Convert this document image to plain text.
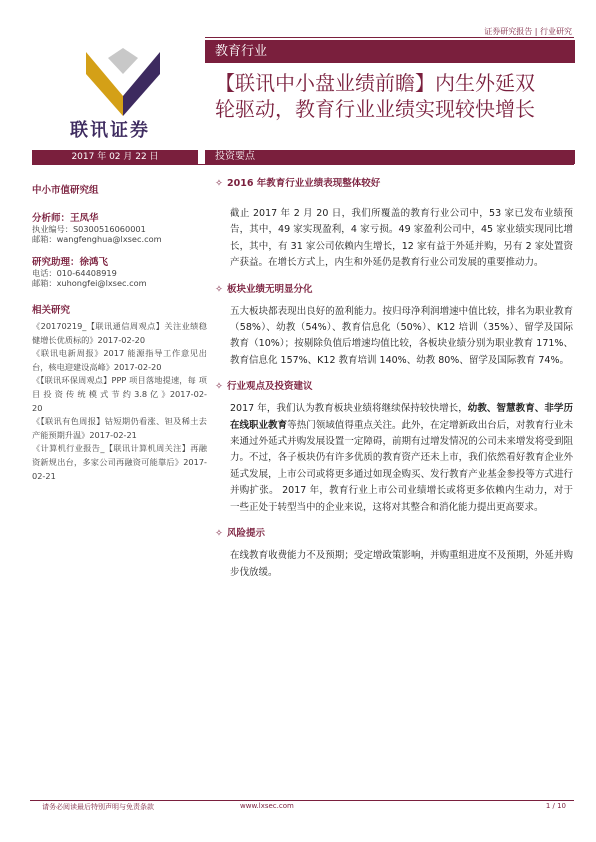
证券研究报告 | 行业研究
教育行业
【联讯中小盘业绩前瞻】内生外延双
轮驱动，教育行业业绩实现较快增长
联讯证券
2017 年 02 月 22 日	投资要点
中小市值研究组
分析师：王凤华
执业编号：S0300516060001
邮箱：wangfenghua@lxsec.com
研究助理：徐鸿飞
电话：010-64408919
邮箱：xuhongfei@lxsec.com
相关研究
《20170219_【联讯通信周观点】关注业绩稳健增长优质标的》2017-02-20
《联讯电新周报》2017 能源指导工作意见出台，核电迎建设高峰》2017-02-20
《【联讯环保周观点】PPP 项目落地提速，每 项 目 投 资 传 统 模 式 节 约 3.8 亿 》2017-02-20
《【联讯有色周报】钴短期仍看涨、钽及稀土去产能预期升温》2017-02-21
《计算机行业报告_【联讯计算机周关注】再融资新规出台，多家公司再融资可能靠后》2017-02-21
✧ 2016 年教育行业业绩表现整体较好
截止 2017 年 2 月 20 日，我们所覆盖的教育行业公司中，53 家已发布业绩预告，其中，49 家实现盈利，4 家亏损。49 家盈利公司中，45 家业绩实现同比增长，其中，有 31 家公司依赖内生增长，12 家有益于外延并购，另有 2 家处置资产获益。在增长方式上，内生和外延仍是教育行业公司发展的重要推动力。
✧ 板块业绩无明显分化
五大板块都表现出良好的盈利能力。按归母净利润增速中值比较，排名为职业教育（58%）、幼教（54%）、教育信息化（50%）、K12 培训（35%）、留学及国际教育（10%）；按剔除负值后增速均值比较，各板块业绩分别为职业教育 171%、教育信息化 157%、K12 教育培训 140%、幼教 80%、留学及国际教育 74%。
✧ 行业观点及投资建议
2017 年，我们认为教育板块业绩将继续保持较快增长，幼教、智慧教育、非学历在线职业教育等热门领域值得重点关注。此外，在定增新政出台后，对教育行业未来通过外延式并购发展设置一定障碍，前期有过增发情况的公司未来增发将受到阻力。不过，各子板块仍有许多优质的教育资产还未上市，我们依然看好教育企业外延式发展，上市公司或将更多通过如现金购买、发行教育产业基金参投等方式进行并购扩张。 2017 年，教育行业上市公司业绩增长或将更多依赖内生动力，对于一些正处于转型当中的企业来说，这将对其整合和消化能力提出更高要求。
✧ 风险提示
在线教育收费能力不及预期；受定增政策影响，并购重组进度不及预期，外延并购步伐放缓。
请务必阅读最后特别声明与免责条款	www.lxsec.com	1 / 10
